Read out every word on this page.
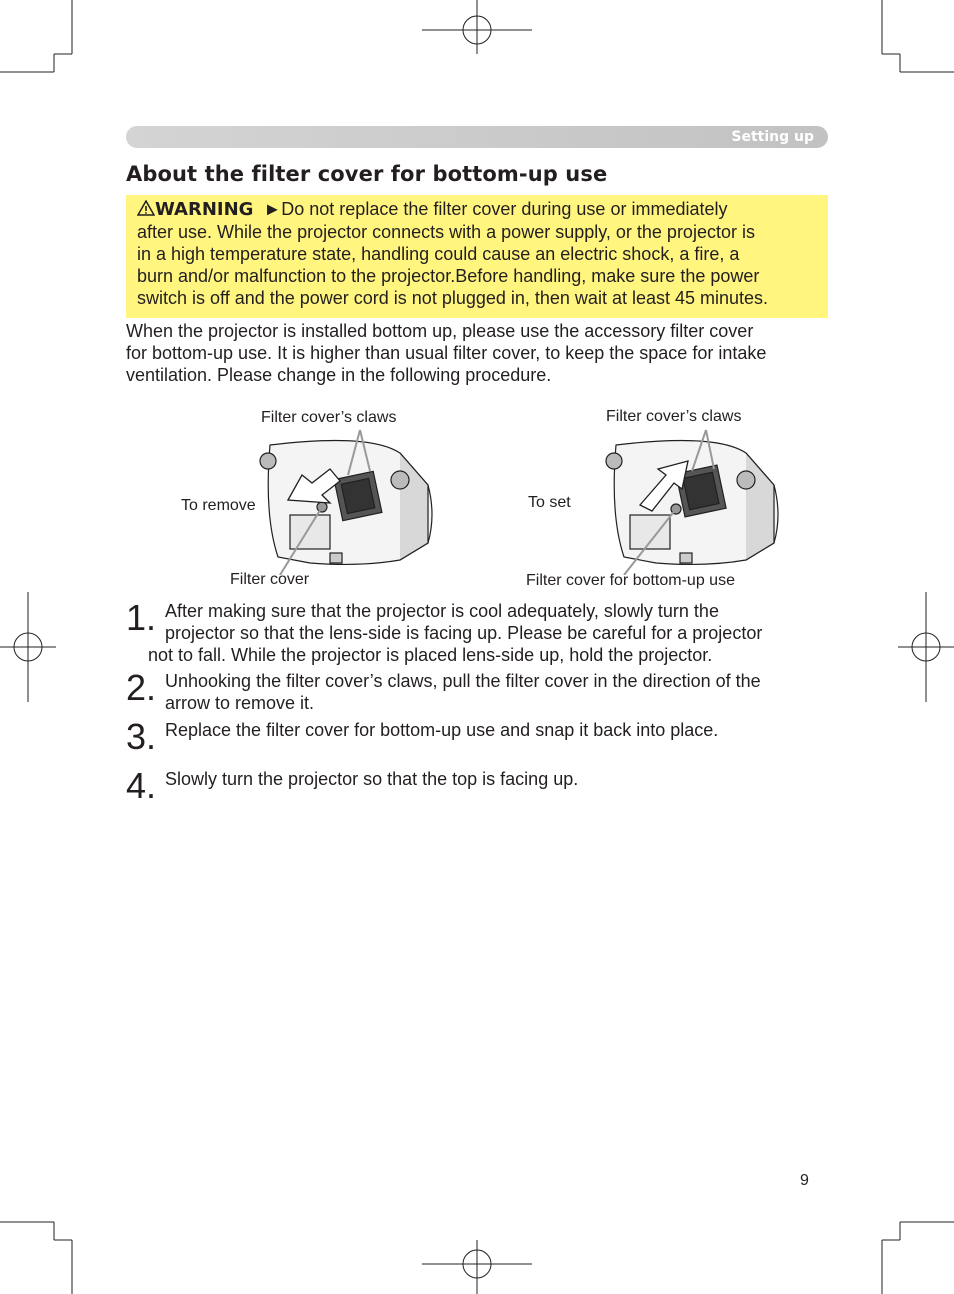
Setting up
About the filter cover for bottom-up use

WARNING ►Do not replace the filter cover during use or immediately

after use. While the projector connects with a power supply, or the projector is

in a high temperature state, handling could cause an electric shock, a fire, a

burn and/or malfunction to the projector.Before handling, make sure the power

switch is off and the power cord is not plugged in, then wait at least 45 minutes.

When the projector is installed bottom up, please use the accessory filter cover

for bottom-up use. It is higher than usual filter cover, to keep the space for intake

ventilation. Please change in the following procedure.

Filter cover’s claws
To remove
Filter cover
Filter cover’s claws
To set
Filter cover for bottom-up use
1. After making sure that the projector is cool adequately, slowly turn the
projector so that the lens-side is facing up. Please be careful for a projector
not to fall. While the projector is placed lens-side up, hold the projector.
2. Unhooking the filter cover’s claws, pull the filter cover in the direction of the
arrow to remove it.
3. Replace the filter cover for bottom-up use and snap it back into place.
4. Slowly turn the projector so that the top is facing up.
9
